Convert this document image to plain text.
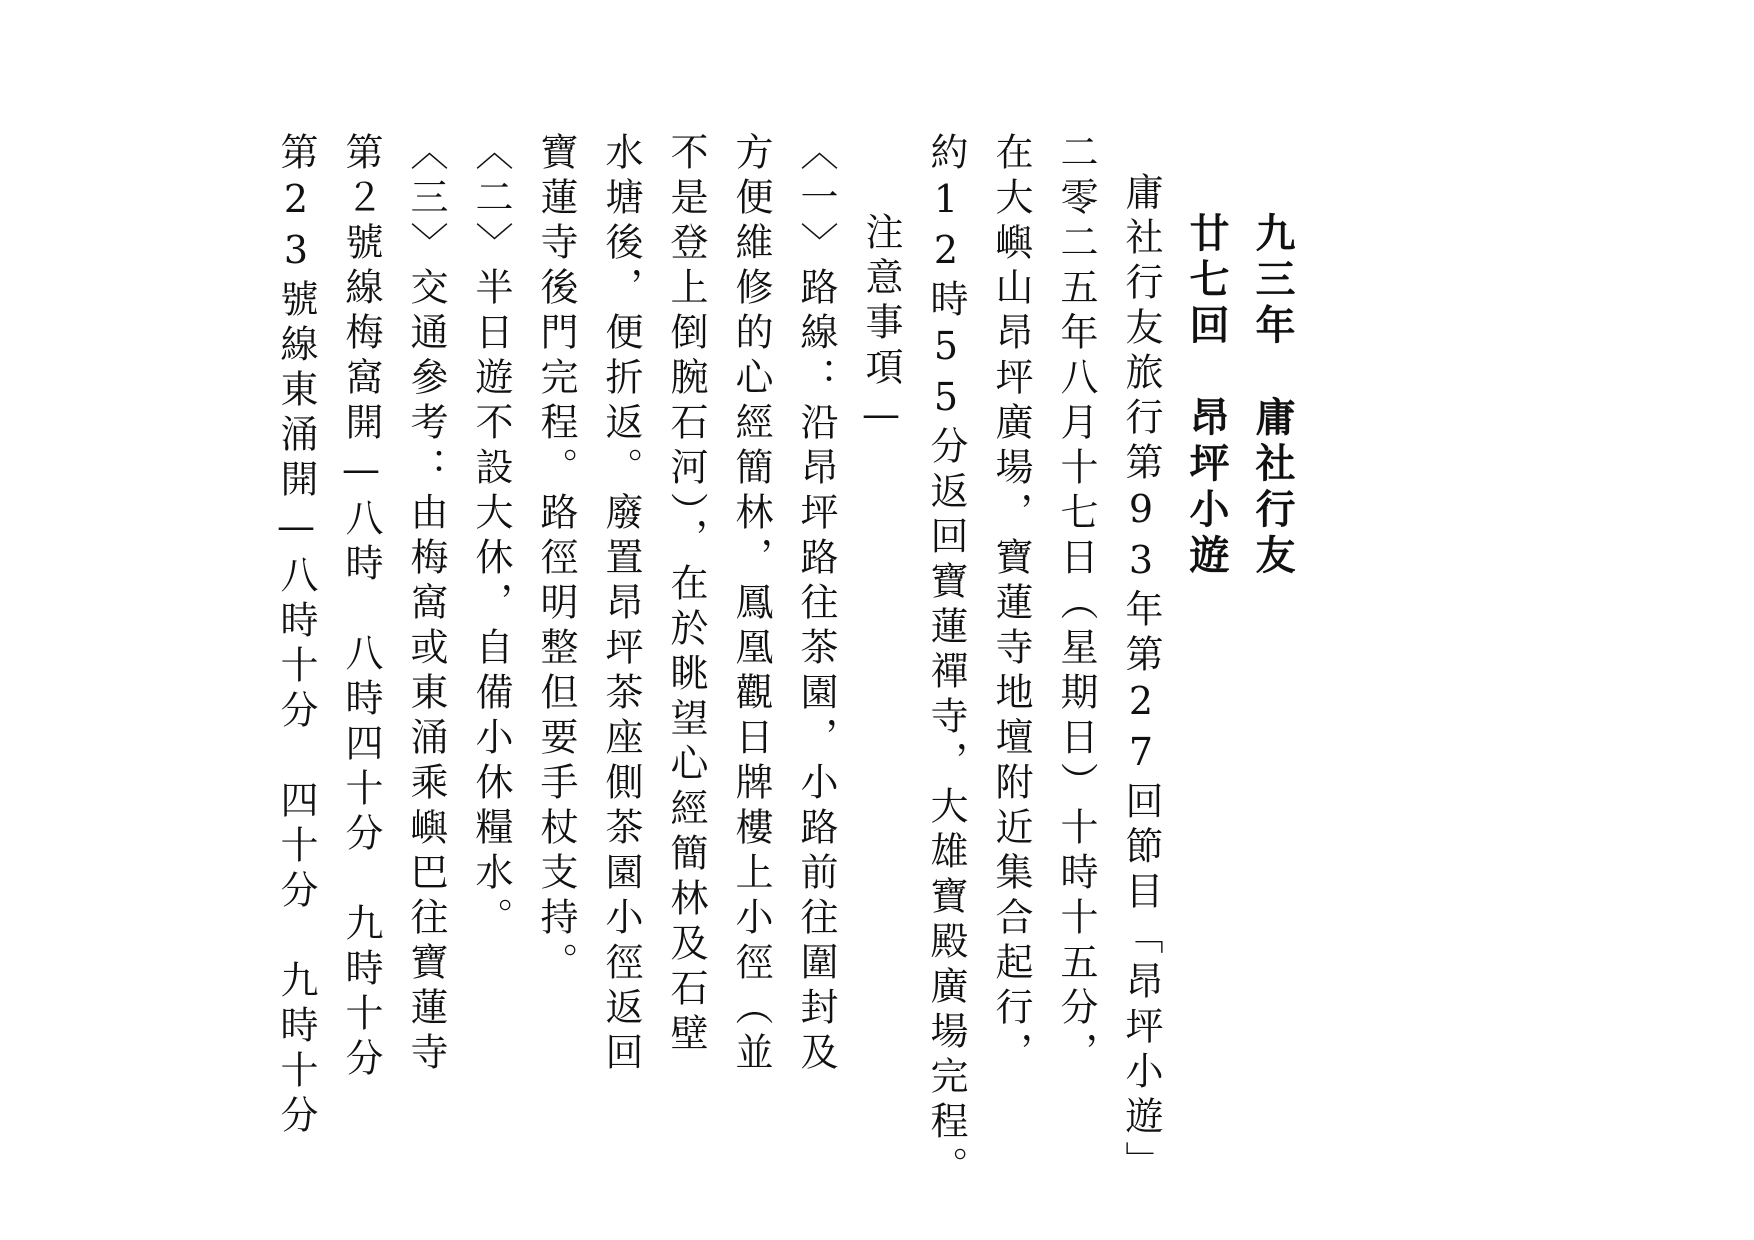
九三年　庸社行友
廿七回　昂坪小遊
庸社行友旅行第93年第27回節目「昂坪小遊」
二零二五年八月十七日（星期日）十時十五分，
在大嶼山昂坪廣場，寶蓮寺地壇附近集合起行，
約12時55分返回寶蓮禪寺，大雄寶殿廣場完程。
注意事項—
〈一〉路線：沿昂坪路往茶園，小路前往圍封及
方便維修的心經簡林，鳳凰觀日牌樓上小徑（並
不是登上倒腕石河），在於眺望心經簡林及石壁
水塘後，便折返。廢置昂坪茶座側茶園小徑返回
寶蓮寺後門完程。路徑明整但要手杖支持。
〈二〉半日遊不設大休，自備小休糧水。
〈三〉交通參考：由梅窩或東涌乘嶼巴往寶蓮寺
第２號線梅窩開—八時　八時四十分　九時十分
第23號線東涌開—八時十分　四十分　九時十分
